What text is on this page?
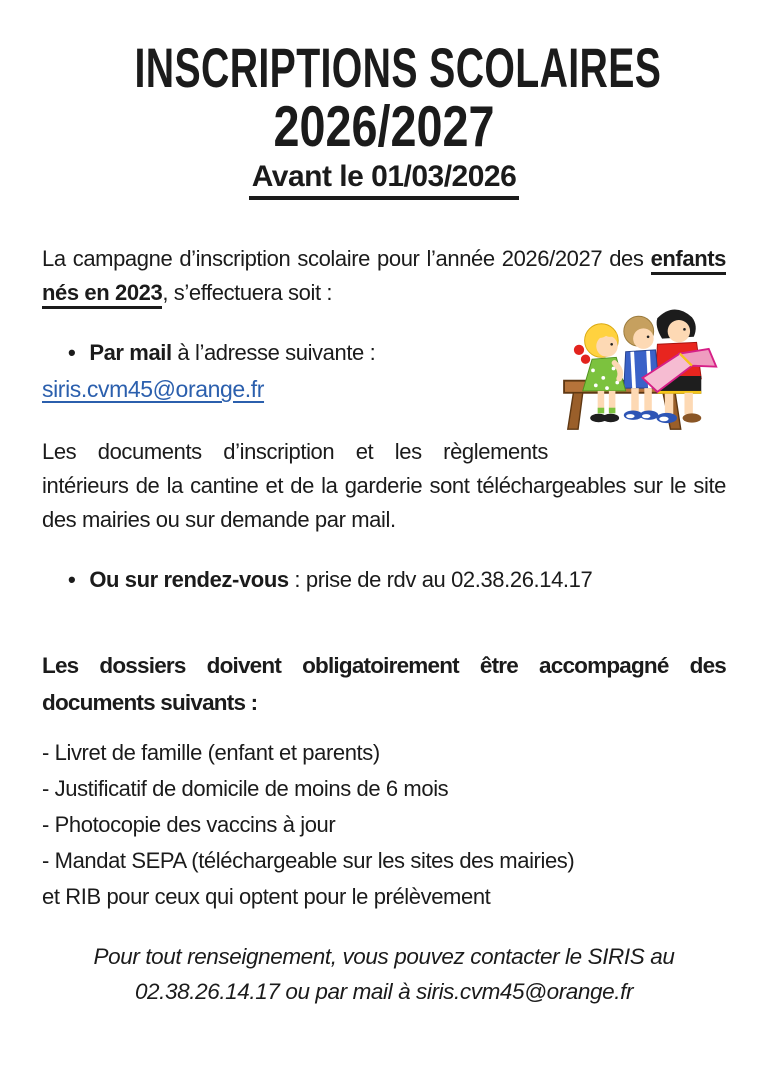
INSCRIPTIONS SCOLAIRES
2026/2027
Avant le 01/03/2026

La campagne d’inscription scolaire pour l’année 2026/2027 des enfants nés en 2023, s’effectuera soit :

• Par mail à l’adresse suivante :

siris.cvm45@orange.fr

Les documents d’inscription et les règlements intérieurs de la cantine et de la garderie sont téléchargeables sur le site des mairies ou sur demande par mail.

• Ou sur rendez-vous : prise de rdv au 02.38.26.14.17

Les dossiers doivent obligatoirement être accompagné des documents suivants :

- Livret de famille (enfant et parents)
- Justificatif de domicile de moins de 6 mois
- Photocopie des vaccins à jour
- Mandat SEPA (téléchargeable sur les sites des mairies)
et RIB pour ceux qui optent pour le prélèvement

Pour tout renseignement, vous pouvez contacter le SIRIS au 02.38.26.14.17 ou par mail à siris.cvm45@orange.fr
